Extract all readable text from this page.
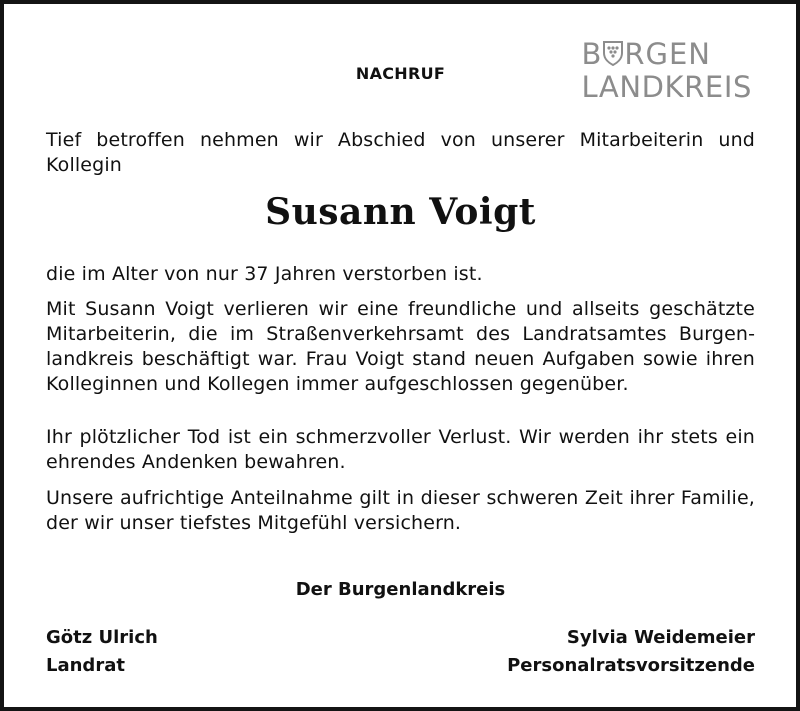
NACHRUF
Tief betroffen nehmen wir Abschied von unserer Mitarbeiterin und Kollegin
Susann Voigt
die im Alter von nur 37 Jahren verstorben ist.
Mit Susann Voigt verlieren wir eine freundliche und allseits geschätzte Mitarbeiterin, die im Straßenverkehrsamt des Landratsamtes Burgenlandkreis beschäftigt war. Frau Voigt stand neuen Aufgaben sowie ihren Kolleginnen und Kollegen immer aufgeschlossen gegenüber.
Ihr plötzlicher Tod ist ein schmerzvoller Verlust. Wir werden ihr stets ein ehrendes Andenken bewahren.
Unsere aufrichtige Anteilnahme gilt in dieser schweren Zeit ihrer Familie, der wir unser tiefstes Mitgefühl versichern.
Der Burgenlandkreis
Götz Ulrich
Landrat
Sylvia Weidemeier
Personalratsvorsitzende
B RGEN
LANDKREIS
